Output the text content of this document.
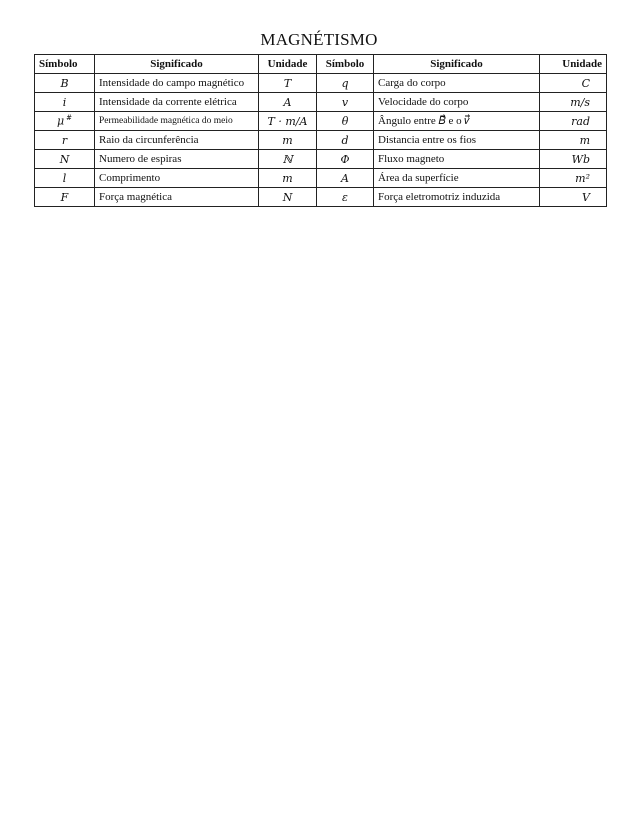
MAGNÉTISMO
Símbolo	Significado	Unidade	Símbolo	Significado	Unidade
𝐵	Intensidade do campo magnético	𝑇	𝑞	Carga do corpo	𝐶
𝑖	Intensidade da corrente elétrica	𝐴	𝑣	Velocidade do corpo	𝑚/𝑠
𝜇 #	Permeabilidade magnética do meio	𝑇 · 𝑚/𝐴	𝜃	Ângulo entre 𝐵⃗ e o 𝑣⃗	𝑟𝑎𝑑
𝑟	Raio da circunferência	𝑚	𝑑	Distancia entre os fios	𝑚
𝑁	Numero de espiras	ℕ	Φ	Fluxo magneto	𝑊𝑏
𝑙	Comprimento	𝑚	𝐴	Área da superfície	𝑚²
𝐹	Força magnética	𝑁	𝜀	Força eletromotriz induzida	𝑉
